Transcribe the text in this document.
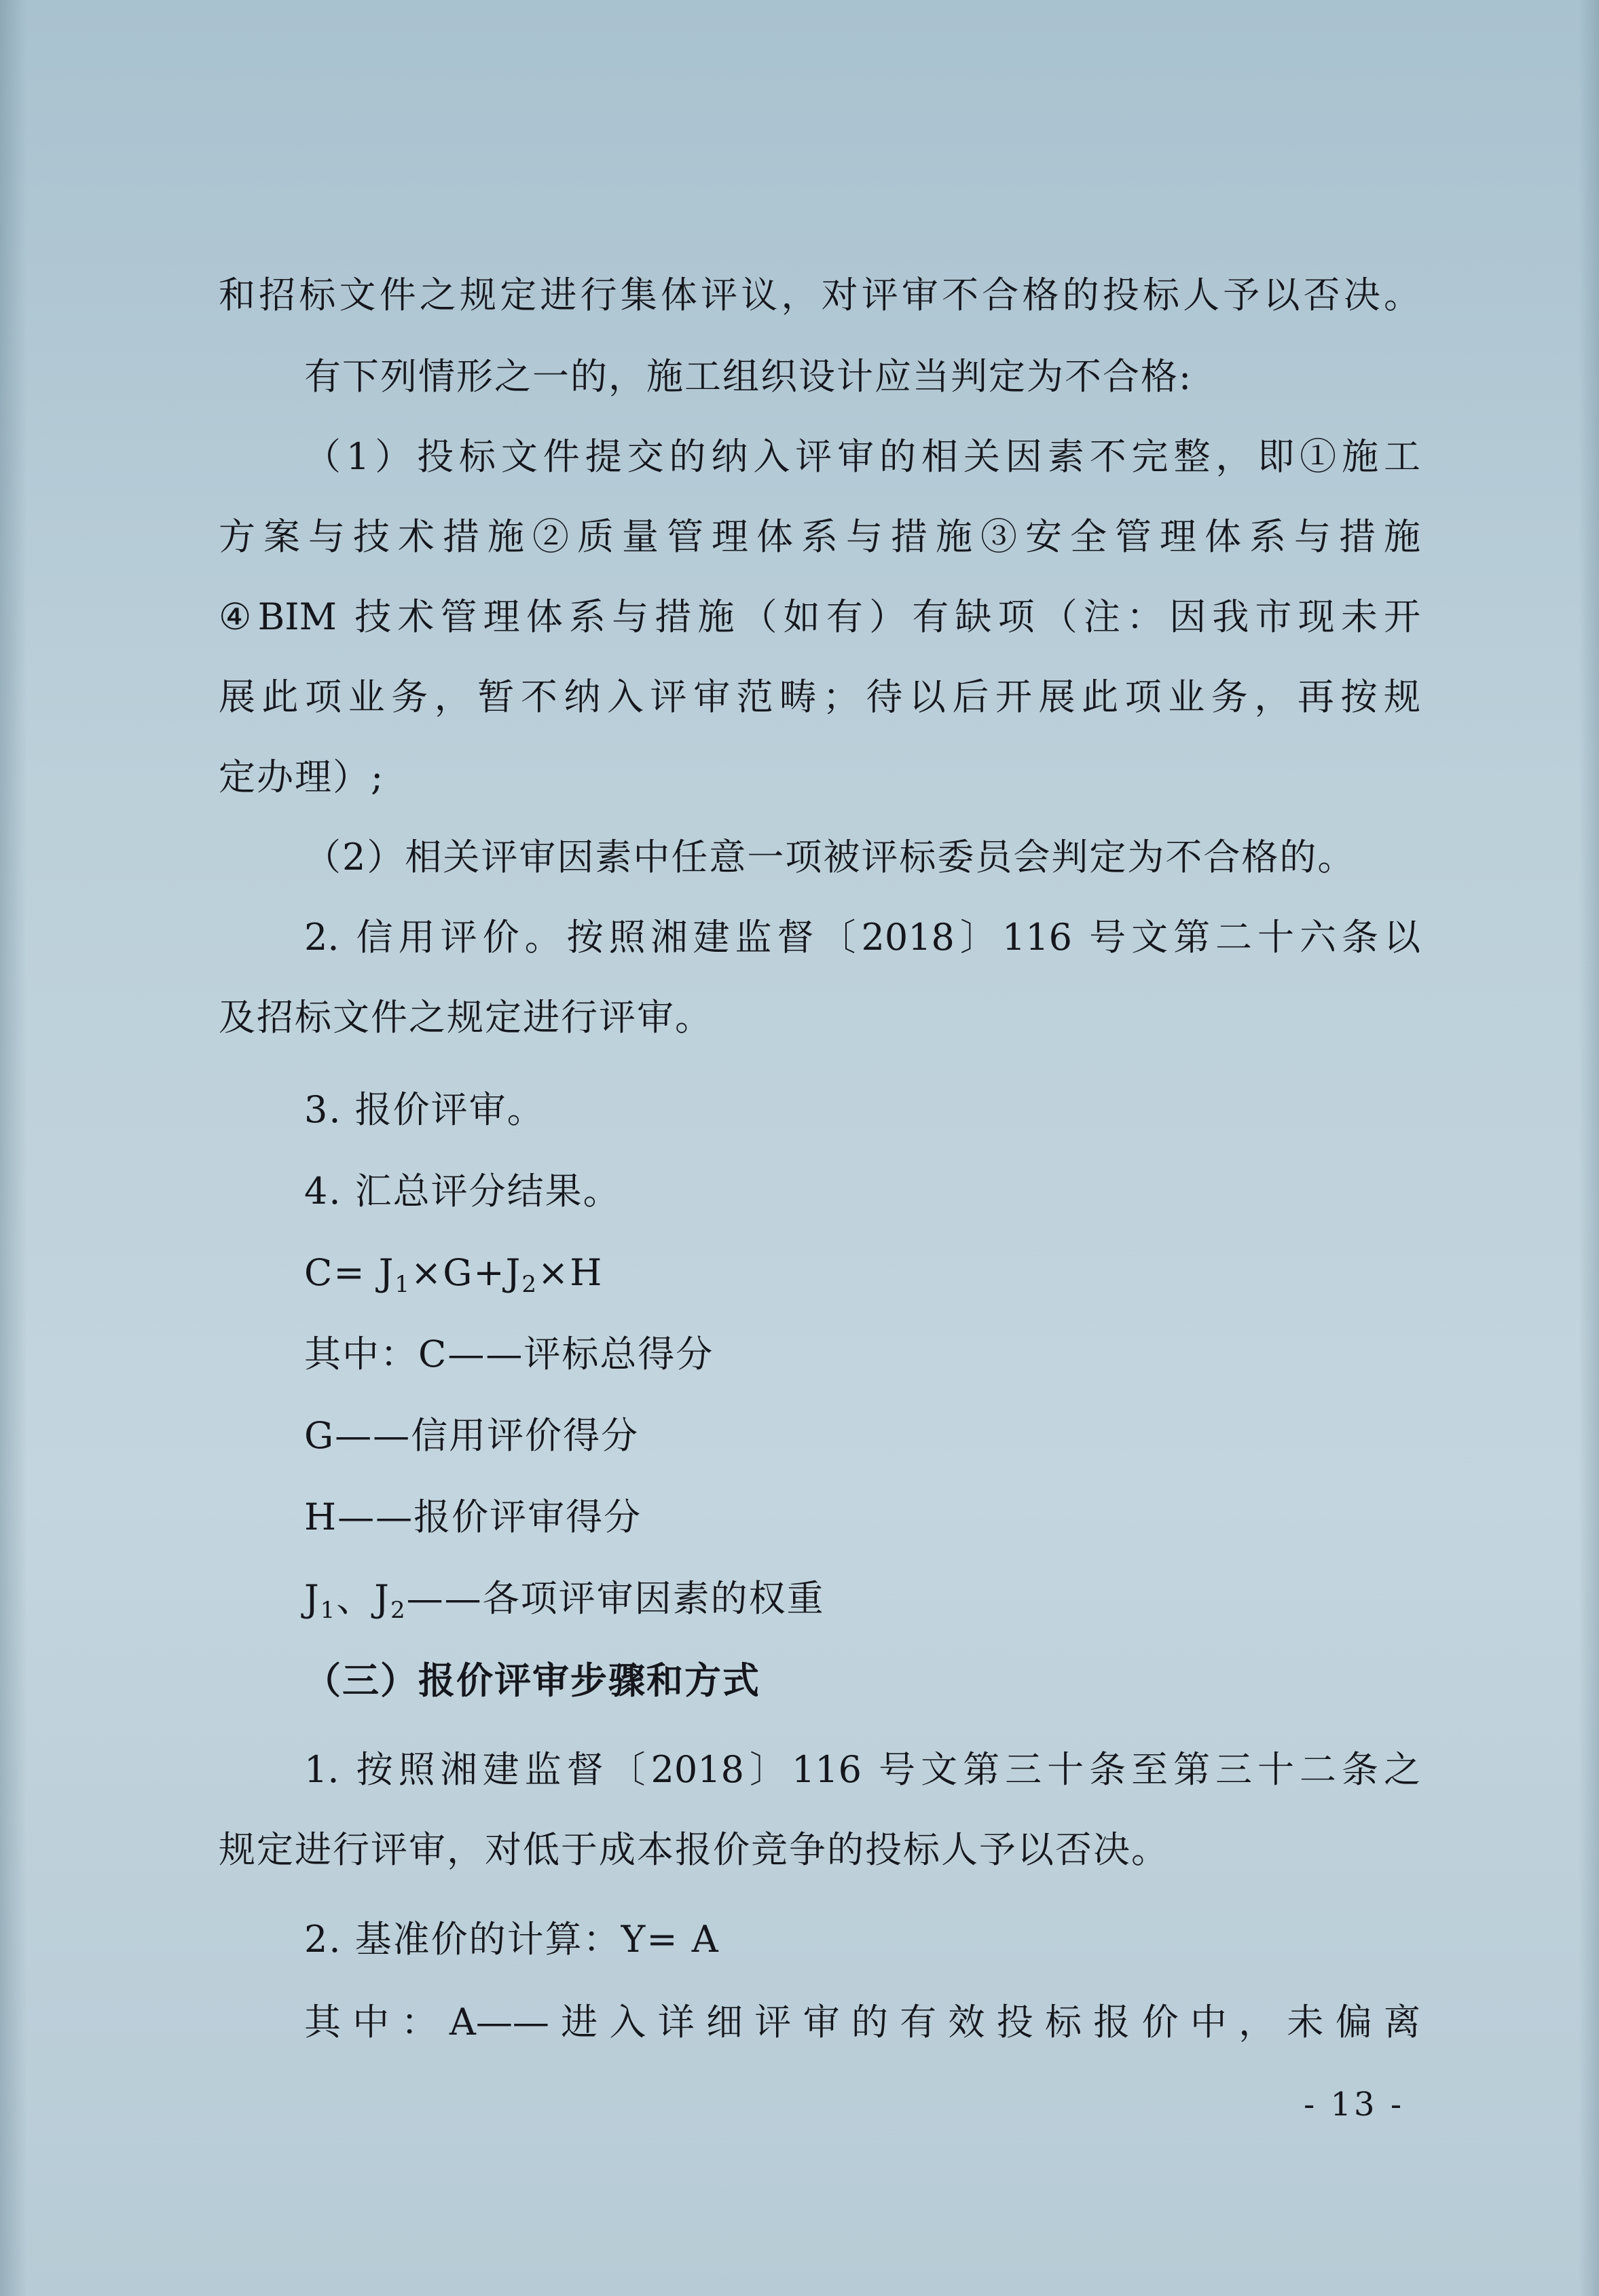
和招标文件之规定进行集体评议，对评审不合格的投标人予以否决。

有下列情形之一的，施工组织设计应当判定为不合格:

（1）投标文件提交的纳入评审的相关因素不完整，即①施工

方案与技术措施②质量管理体系与措施③安全管理体系与措施

④BIM 技术管理体系与措施（如有）有缺项（注：因我市现未开

展此项业务，暂不纳入评审范畴；待以后开展此项业务，再按规

定办理）;

（2）相关评审因素中任意一项被评标委员会判定为不合格的。

2. 信用评价。按照湘建监督〔2018〕116 号文第二十六条以

及招标文件之规定进行评审。

3. 报价评审。

4. 汇总评分结果。

$C= J_1\times G+J_2\times H$

其中：C——评标总得分

G——信用评价得分

H——报价评审得分

$J_1$、$J_2——$各项评审因素的权重

（三）报价评审步骤和方式

1. 按照湘建监督〔2018〕116 号文第三十条至第三十二条之

规定进行评审，对低于成本报价竞争的投标人予以否决。

2. 基准价的计算：Y= A

其中：A——进入详细评审的有效投标报价中，未偏离

- 13 -
